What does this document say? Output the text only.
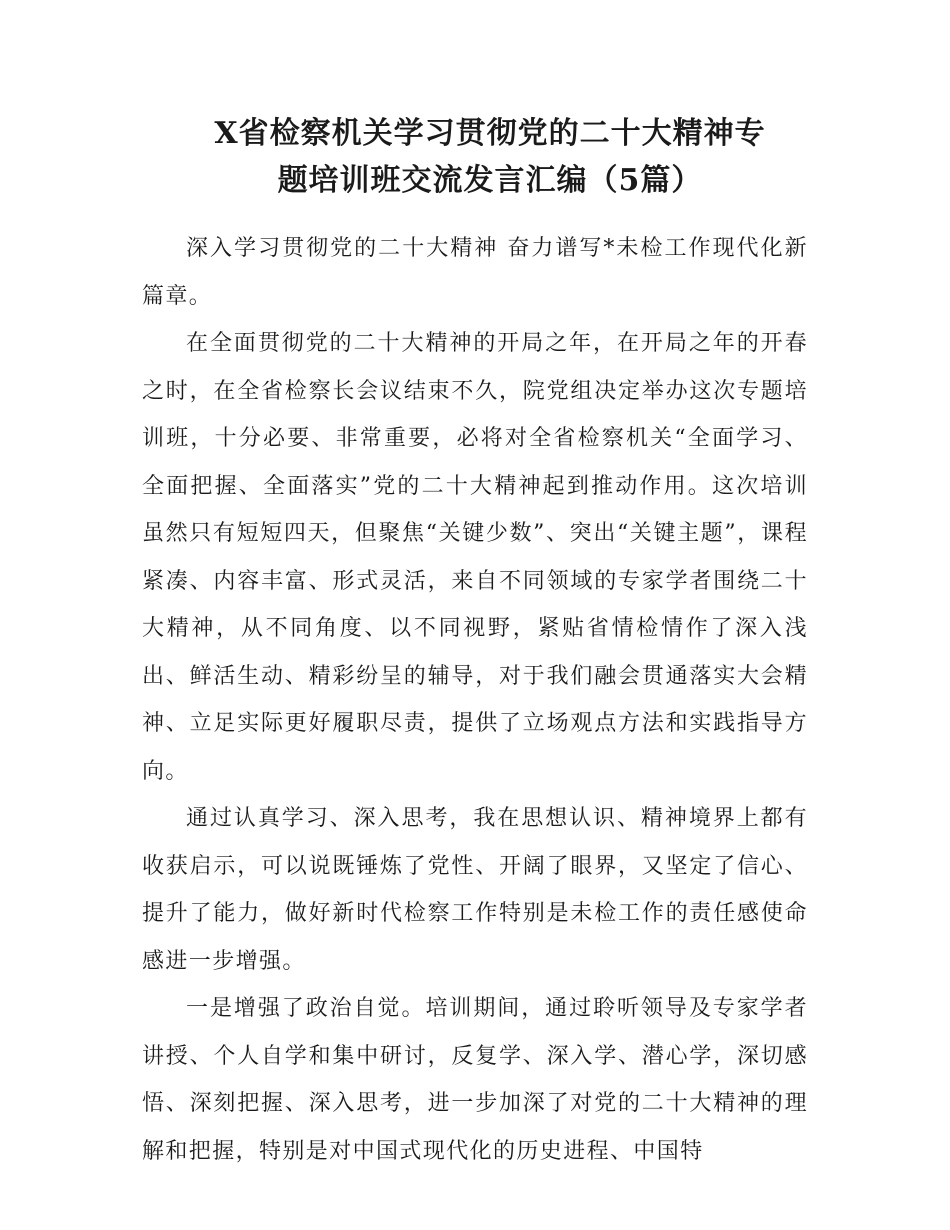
X省检察机关学习贯彻党的二十大精神专
题培训班交流发言汇编（5篇）

深入学习贯彻党的二十大精神 奋力谱写*未检工作现代化新篇章。

在全面贯彻党的二十大精神的开局之年，在开局之年的开春之时，在全省检察长会议结束不久，院党组决定举办这次专题培训班，十分必要、非常重要，必将对全省检察机关“全面学习、全面把握、全面落实”党的二十大精神起到推动作用。这次培训虽然只有短短四天，但聚焦“关键少数”、突出“关键主题”，课程紧凑、内容丰富、形式灵活，来自不同领域的专家学者围绕二十大精神，从不同角度、以不同视野，紧贴省情检情作了深入浅出、鲜活生动、精彩纷呈的辅导，对于我们融会贯通落实大会精神、立足实际更好履职尽责，提供了立场观点方法和实践指导方向。

通过认真学习、深入思考，我在思想认识、精神境界上都有收获启示，可以说既锤炼了党性、开阔了眼界，又坚定了信心、提升了能力，做好新时代检察工作特别是未检工作的责任感使命感进一步增强。

一是增强了政治自觉。培训期间，通过聆听领导及专家学者讲授、个人自学和集中研讨，反复学、深入学、潜心学，深切感悟、深刻把握、深入思考，进一步加深了对党的二十大精神的理解和把握，特别是对中国式现代化的历史进程、中国特
